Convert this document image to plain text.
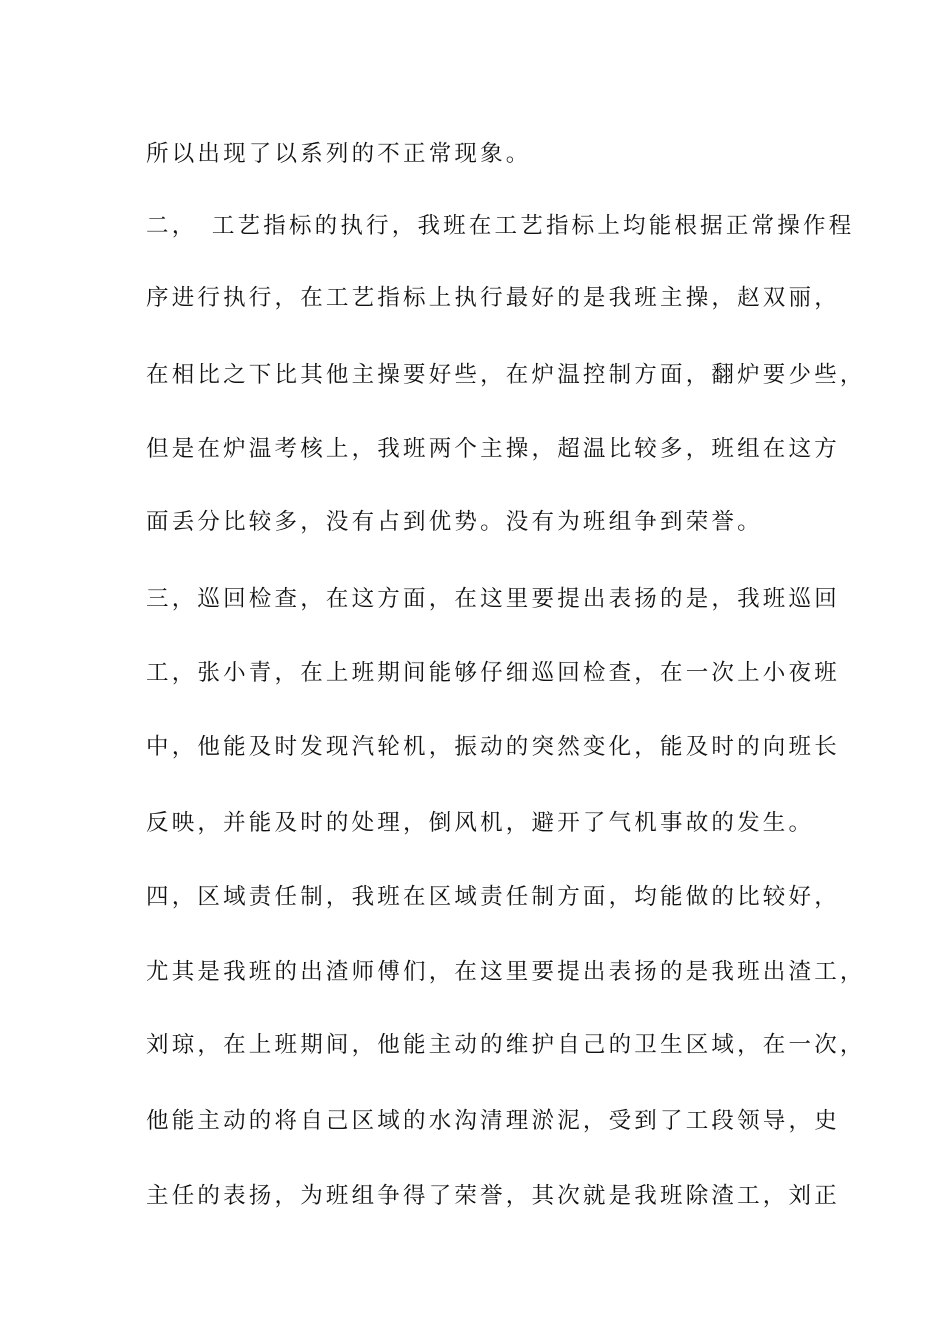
所以出现了以系列的不正常现象。
二，　工艺指标的执行，我班在工艺指标上均能根据正常操作程
序进行执行，在工艺指标上执行最好的是我班主操，赵双丽，
在相比之下比其他主操要好些，在炉温控制方面，翻炉要少些，
但是在炉温考核上，我班两个主操，超温比较多，班组在这方
面丢分比较多，没有占到优势。没有为班组争到荣誉。
三，巡回检查，在这方面，在这里要提出表扬的是，我班巡回
工，张小青，在上班期间能够仔细巡回检查，在一次上小夜班
中，他能及时发现汽轮机，振动的突然变化，能及时的向班长
反映，并能及时的处理，倒风机，避开了气机事故的发生。
四，区域责任制，我班在区域责任制方面，均能做的比较好，
尤其是我班的出渣师傅们，在这里要提出表扬的是我班出渣工，
刘琼，在上班期间，他能主动的维护自己的卫生区域，在一次，
他能主动的将自己区域的水沟清理淤泥，受到了工段领导，史
主任的表扬，为班组争得了荣誉，其次就是我班除渣工，刘正
